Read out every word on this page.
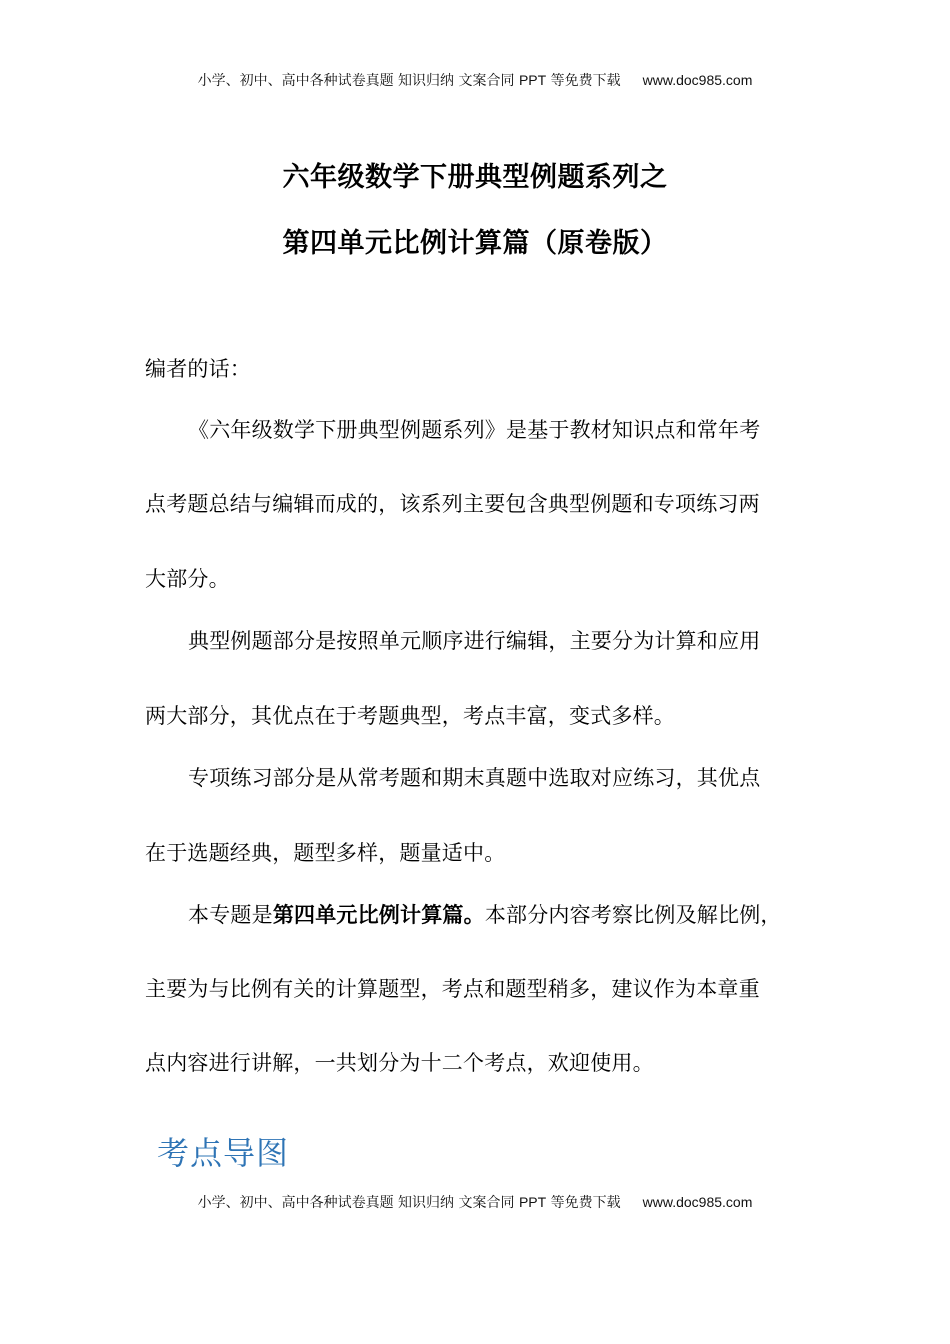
小学、初中、高中各种试卷真题 知识归纳 文案合同 PPT 等免费下载 www.doc985.com
六年级数学下册典型例题系列之
第四单元比例计算篇（原卷版）
编者的话：
《六年级数学下册典型例题系列》是基于教材知识点和常年考
点考题总结与编辑而成的，该系列主要包含典型例题和专项练习两
大部分。
典型例题部分是按照单元顺序进行编辑，主要分为计算和应用
两大部分，其优点在于考题典型，考点丰富，变式多样。
专项练习部分是从常考题和期末真题中选取对应练习，其优点
在于选题经典，题型多样，题量适中。
本专题是第四单元比例计算篇。本部分内容考察比例及解比例，
主要为与比例有关的计算题型，考点和题型稍多，建议作为本章重
点内容进行讲解，一共划分为十二个考点，欢迎使用。
考点导图
小学、初中、高中各种试卷真题 知识归纳 文案合同 PPT 等免费下载 www.doc985.com
